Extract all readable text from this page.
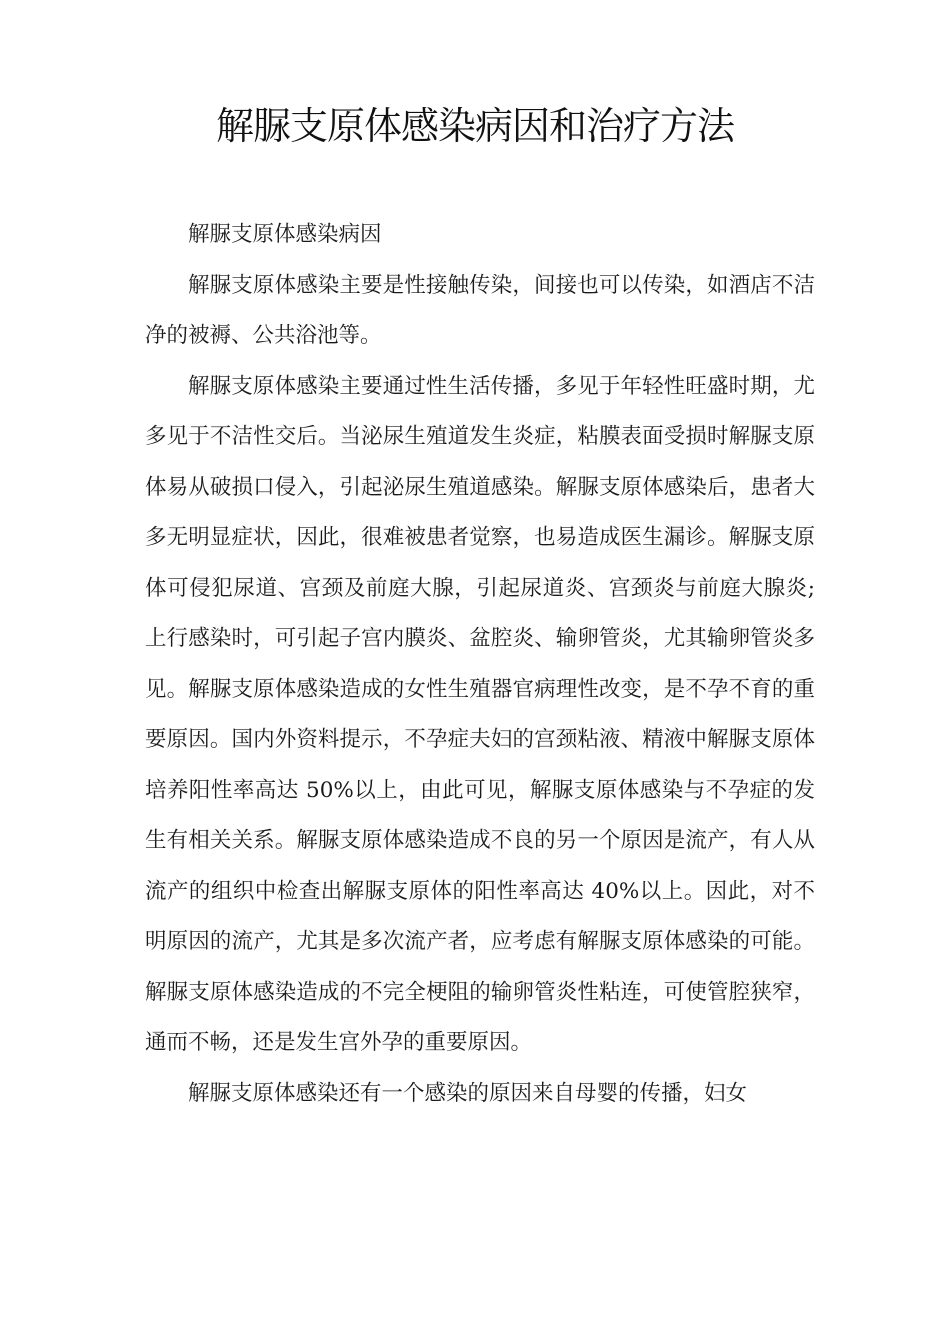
解脲支原体感染病因和治疗方法

解脲支原体感染病因

解脲支原体感染主要是性接触传染，间接也可以传染，如酒店不洁净的被褥、公共浴池等。

解脲支原体感染主要通过性生活传播，多见于年轻性旺盛时期，尤多见于不洁性交后。当泌尿生殖道发生炎症，粘膜表面受损时解脲支原体易从破损口侵入，引起泌尿生殖道感染。解脲支原体感染后，患者大多无明显症状，因此，很难被患者觉察，也易造成医生漏诊。解脲支原体可侵犯尿道、宫颈及前庭大腺，引起尿道炎、宫颈炎与前庭大腺炎;上行感染时，可引起子宫内膜炎、盆腔炎、输卵管炎，尤其输卵管炎多见。解脲支原体感染造成的女性生殖器官病理性改变，是不孕不育的重要原因。国内外资料提示，不孕症夫妇的宫颈粘液、精液中解脲支原体培养阳性率高达 50%以上，由此可见，解脲支原体感染与不孕症的发生有相关关系。解脲支原体感染造成不良的另一个原因是流产，有人从流产的组织中检查出解脲支原体的阳性率高达 40%以上。因此，对不明原因的流产，尤其是多次流产者，应考虑有解脲支原体感染的可能。解脲支原体感染造成的不完全梗阻的输卵管炎性粘连，可使管腔狭窄，通而不畅，还是发生宫外孕的重要原因。

解脲支原体感染还有一个感染的原因来自母婴的传播，妇女
